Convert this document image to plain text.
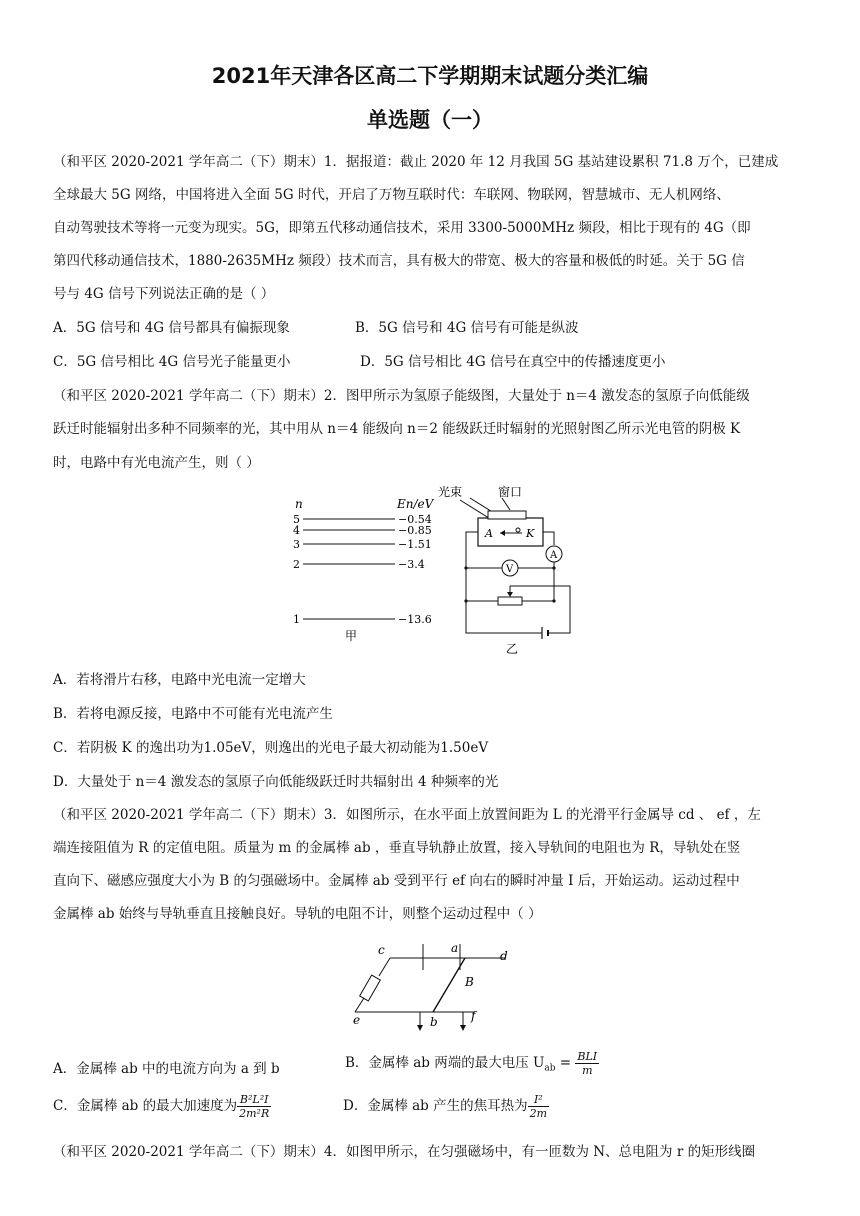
2021年天津各区高二下学期期末试题分类汇编
单选题（一）
（和平区 2020-2021 学年高二（下）期末）1．据报道：截止 2020 年 12 月我国 5G 基站建设累积 71.8 万个，已建成
全球最大 5G 网络，中国将进入全面 5G 时代，开启了万物互联时代：车联网、物联网，智慧城市、无人机网络、
自动驾驶技术等将一元变为现实。5G，即第五代移动通信技术，采用 3300-5000MHz 频段，相比于现有的 4G（即
第四代移动通信技术，1880-2635MHz 频段）技术而言，具有极大的带宽、极大的容量和极低的时延。关于 5G 信
号与 4G 信号下列说法正确的是（ ）
A．5G 信号和 4G 信号都具有偏振现象	B．5G 信号和 4G 信号有可能是纵波
C．5G 信号相比 4G 信号光子能量更小	D．5G 信号相比 4G 信号在真空中的传播速度更小
（和平区 2020-2021 学年高二（下）期末）2．图甲所示为氢原子能级图，大量处于 n＝4 激发态的氢原子向低能级
跃迁时能辐射出多种不同频率的光，其中用从 n＝4 能级向 n＝2 能级跃迁时辐射的光照射图乙所示光电管的阴极 K
时，电路中有光电流产生，则（ ）
n	En/eV
5	−0.54
4	−0.85
3	−1.51
2	−3.4
1	−13.6
甲
光束	窗口
A	K
A
V
乙
A．若将滑片右移，电路中光电流一定增大
B．若将电源反接，电路中不可能有光电流产生
C．若阴极 K 的逸出功为1.05eV，则逸出的光电子最大初动能为1.50eV
D．大量处于 n＝4 激发态的氢原子向低能级跃迁时共辐射出 4 种频率的光
（和平区 2020-2021 学年高二（下）期末）3．如图所示，在水平面上放置间距为 L 的光滑平行金属导 cd 、 ef ，左
端连接阻值为 R 的定值电阻。质量为 m 的金属棒 ab ，垂直导轨静止放置，接入导轨间的电阻也为 R，导轨处在竖
直向下、磁感应强度大小为 B 的匀强磁场中。金属棒 ab 受到平行 ef 向右的瞬时冲量 I 后，开始运动。运动过程中
金属棒 ab 始终与导轨垂直且接触良好。导轨的电阻不计，则整个运动过程中（ ）
c	a
d
B
e	b	f
A．金属棒 ab 中的电流方向为 a 到 b	B．金属棒 ab 两端的最大电压 $U_{ab} = \frac{\text{BLI}}{m}$
C．金属棒 ab 的最大加速度为 $\frac{\text{B²L²I}}{\text{2m²R}}$	D．金属棒 ab 产生的焦耳热为 $\frac{\text{I²}}{2m}$
（和平区 2020-2021 学年高二（下）期末）4．如图甲所示，在匀强磁场中，有一匝数为 N、总电阻为 r 的矩形线圈
